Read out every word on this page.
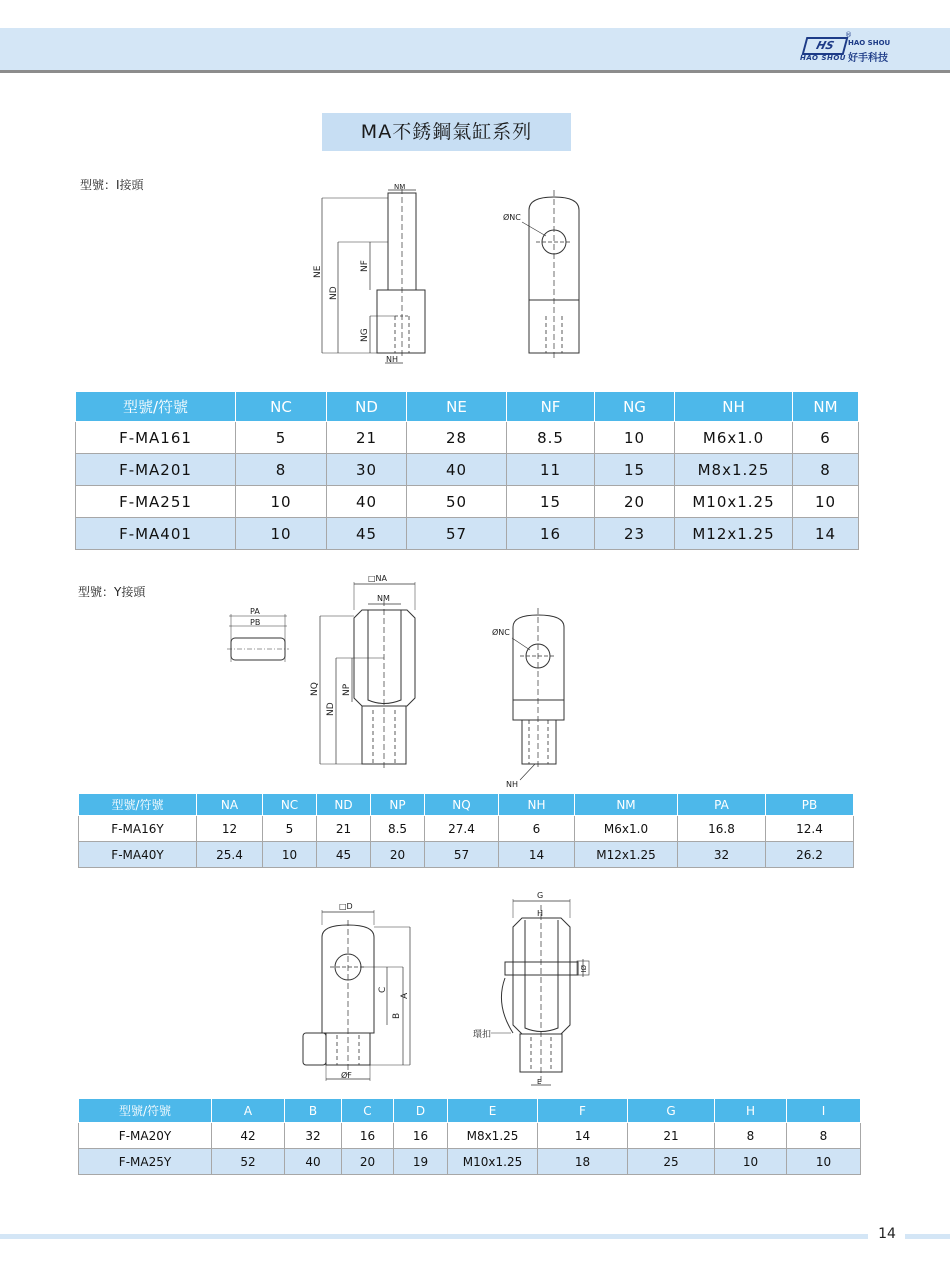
HS
®
HAO SHOU
HAO SHOU
好手科技
MA不銹鋼氣缸系列
型號：I接頭	NM
NE
ND
NF
NG
NH
ØNC
型號/符號	NC	ND	NE	NF	NG	NH	NM
F-MA161	5	21	28	8.5	10	M6x1.0	6
F-MA201	8	30	40	11	15	M8x1.25	8
F-MA251	10	40	50	15	20	M10x1.25	10
F-MA401	10	45	57	16	23	M12x1.25	14
型號：Y接頭
PA
PB
□NA
NM
NQ
ND
NP
ØNC
NH
型號/符號	NA	NC	ND	NP	NQ	NH	NM	PA	PB
F-MA16Y	12	5	21	8.5	27.4	6	M6x1.0	16.8	12.4
F-MA40Y	25.4	10	45	20	57	14	M12x1.25	32	26.2
□D
C
B
A
ØF
G
H
ØI
環扣
E
型號/符號	A	B	C	D	E	F	G	H	I
F-MA20Y	42	32	16	16	M8x1.25	14	21	8	8
F-MA25Y	52	40	20	19	M10x1.25	18	25	10	10
14
